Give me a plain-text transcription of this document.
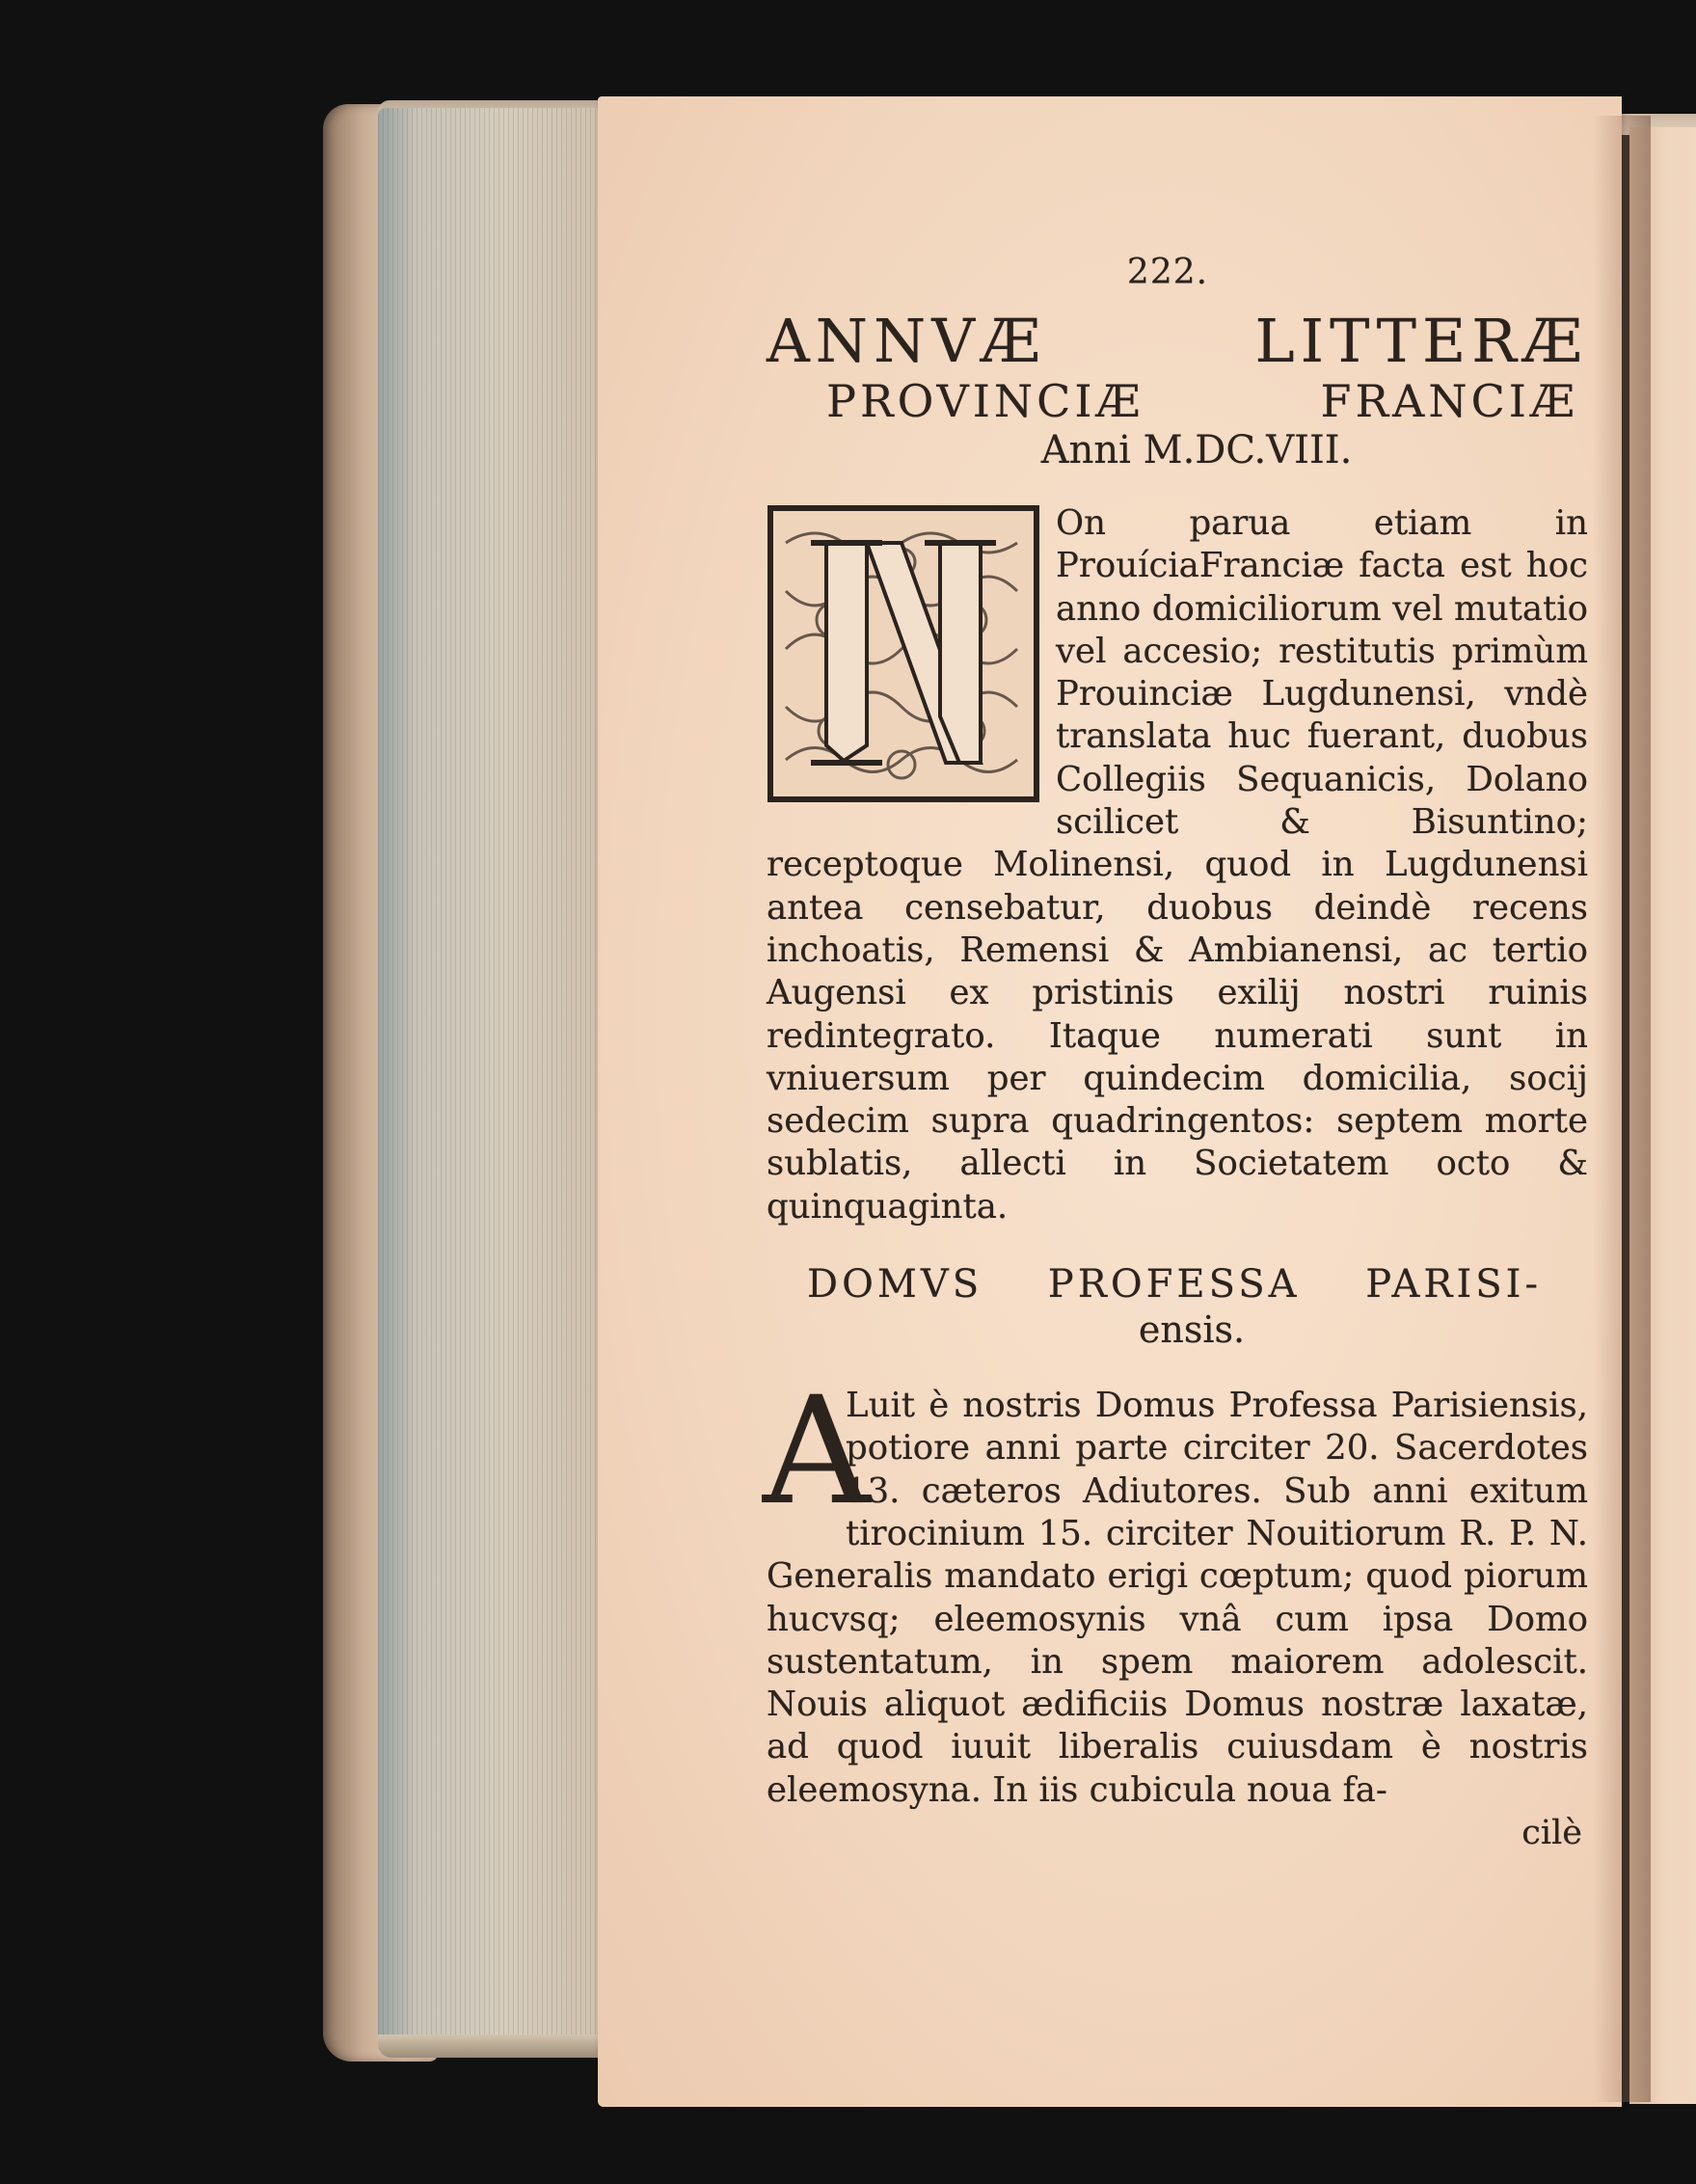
222.
ANNVÆ LITTERÆ
PROVINCIÆ FRANCIÆ
Anni M.DC.VIII.
On parua etiam in ProuíciaFranciæ facta est hoc anno domiciliorum vel mutatio vel accesio; restitutis primùm Prouinciæ Lugdunensi, vndè translata huc fuerant, duobus Collegiis Sequanicis, Dolano scilicet & Bisuntino; receptoque Molinensi, quod in Lugdunensi antea censebatur, duobus deindè recens inchoatis, Remensi & Ambianensi, ac tertio Augensi ex pristinis exilij nostri ruinis redintegrato. Itaque numerati sunt in vniuersum per quindecim domicilia, socij sedecim supra quadringentos: septem morte sublatis, allecti in Societatem octo & quinquaginta.
DOMVS PROFESSA PARISI-
ensis.
A
Luit è nostris Domus Professa Parisiensis, potiore anni parte circiter 20. Sacerdotes 13. cæteros Adiutores. Sub anni exitum tirocinium 15. circiter Nouitiorum R. P. N. Generalis mandato erigi cœptum; quod piorum hucvsq; eleemosynis vnâ cum ipsa Domo sustentatum, in spem maiorem adolescit. Nouis aliquot ædificiis Domus nostræ laxatæ, ad quod iuuit liberalis cuiusdam è nostris eleemosyna. In iis cubicula noua fa-
cilè
